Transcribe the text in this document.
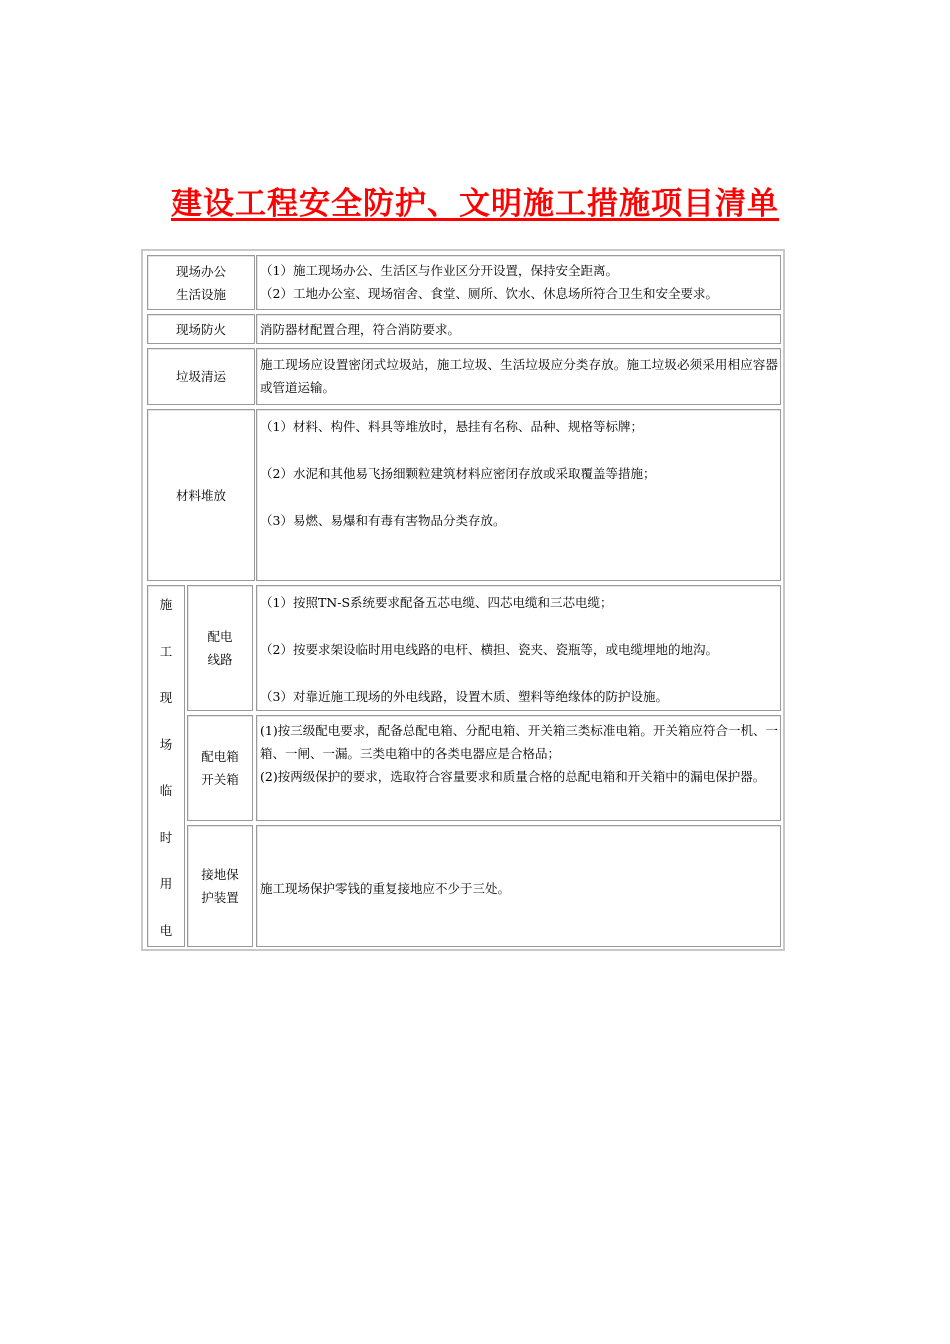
建设工程安全防护、文明施工措施项目清单
现场办公
生活设施

（1）施工现场办公、生活区与作业区分开设置，保持安全距离。

（2）工地办公室、现场宿舍、食堂、厕所、饮水、休息场所符合卫生和安全要求。

现场防火	消防器材配置合理，符合消防要求。

垃圾清运

施工现场应设置密闭式垃圾站，施工垃圾、生活垃圾应分类存放。施工垃圾必须采用相应容器或管道运输。

材料堆放

（1）材料、构件、料具等堆放时，悬挂有名称、品种、规格等标牌；

（2）水泥和其他易飞扬细颗粒建筑材料应密闭存放或采取覆盖等措施；

（3）易燃、易爆和有毒有害物品分类存放。

施
工
现
场
临
时
用
电
配电
线路

（1）按照TN-S系统要求配备五芯电缆、四芯电缆和三芯电缆；

（2）按要求架设临时用电线路的电杆、横担、瓷夹、瓷瓶等，或电缆埋地的地沟。

（3）对靠近施工现场的外电线路，设置木质、塑料等绝缘体的防护设施。

配电箱
开关箱

(1)按三级配电要求，配备总配电箱、分配电箱、开关箱三类标准电箱。开关箱应符合一机、一箱、一闸、一漏。三类电箱中的各类电器应是合格品；

(2)按两级保护的要求，选取符合容量要求和质量合格的总配电箱和开关箱中的漏电保护器。

接地保
护装置

施工现场保护零钱的重复接地应不少于三处。
